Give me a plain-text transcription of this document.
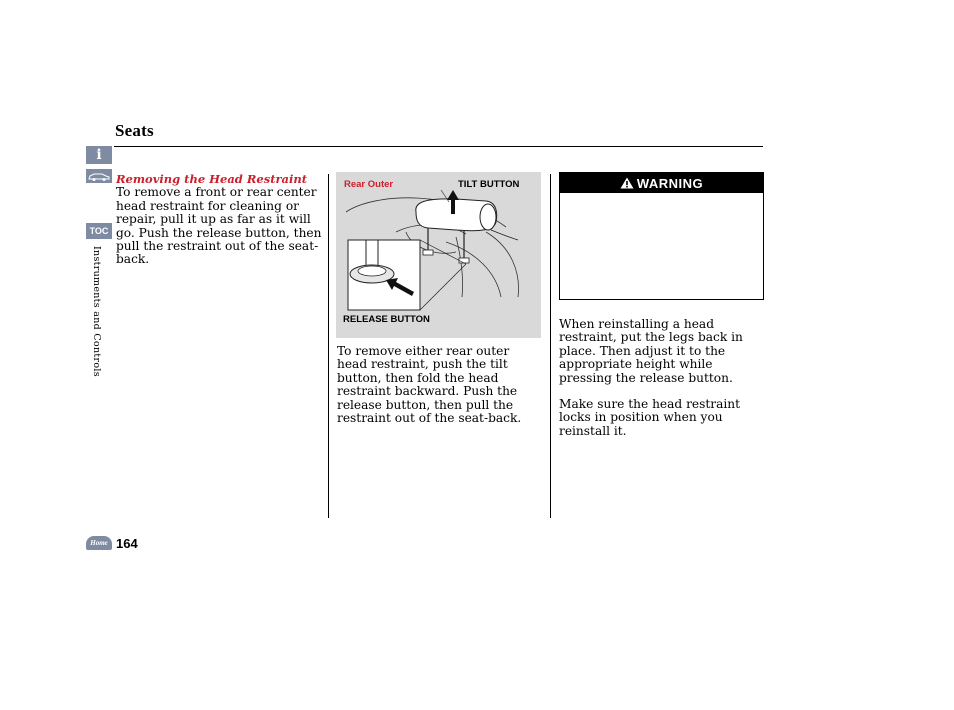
Seats
i
TOC
Instruments and Controls
Removing the Head Restraint
To remove a front or rear center head restraint for cleaning or repair, pull it up as far as it will go. Push the release button, then pull the restraint out of the seat-back.
Rear Outer	TILT BUTTON
RELEASE BUTTON
To remove either rear outer head restraint, push the tilt button, then fold the head restraint backward. Push the release button, then pull the restraint out of the seat-back.
WARNING
When reinstalling a head restraint, put the legs back in place. Then adjust it to the appropriate height while pressing the release button.
Make sure the head restraint locks in position when you reinstall it.
Home 164
